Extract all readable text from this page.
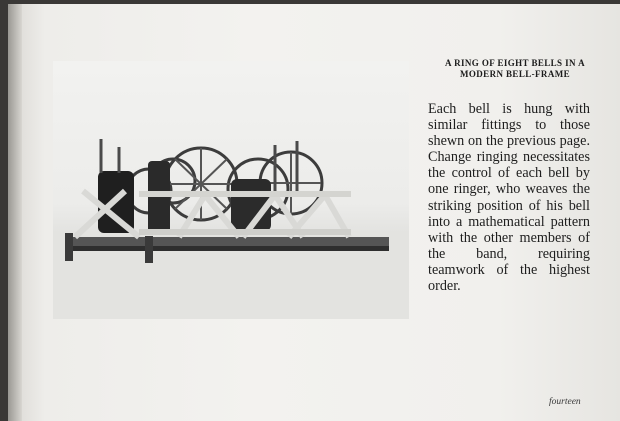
A RING OF EIGHT BELLS IN A MODERN BELL-FRAME
Each bell is hung with similar fittings to those shewn on the previous page. Change ringing necessitates the control of each bell by one ringer, who weaves the striking position of his bell into a mathematical pattern with the other members of the band, requiring teamwork of the highest order.
fourteen
